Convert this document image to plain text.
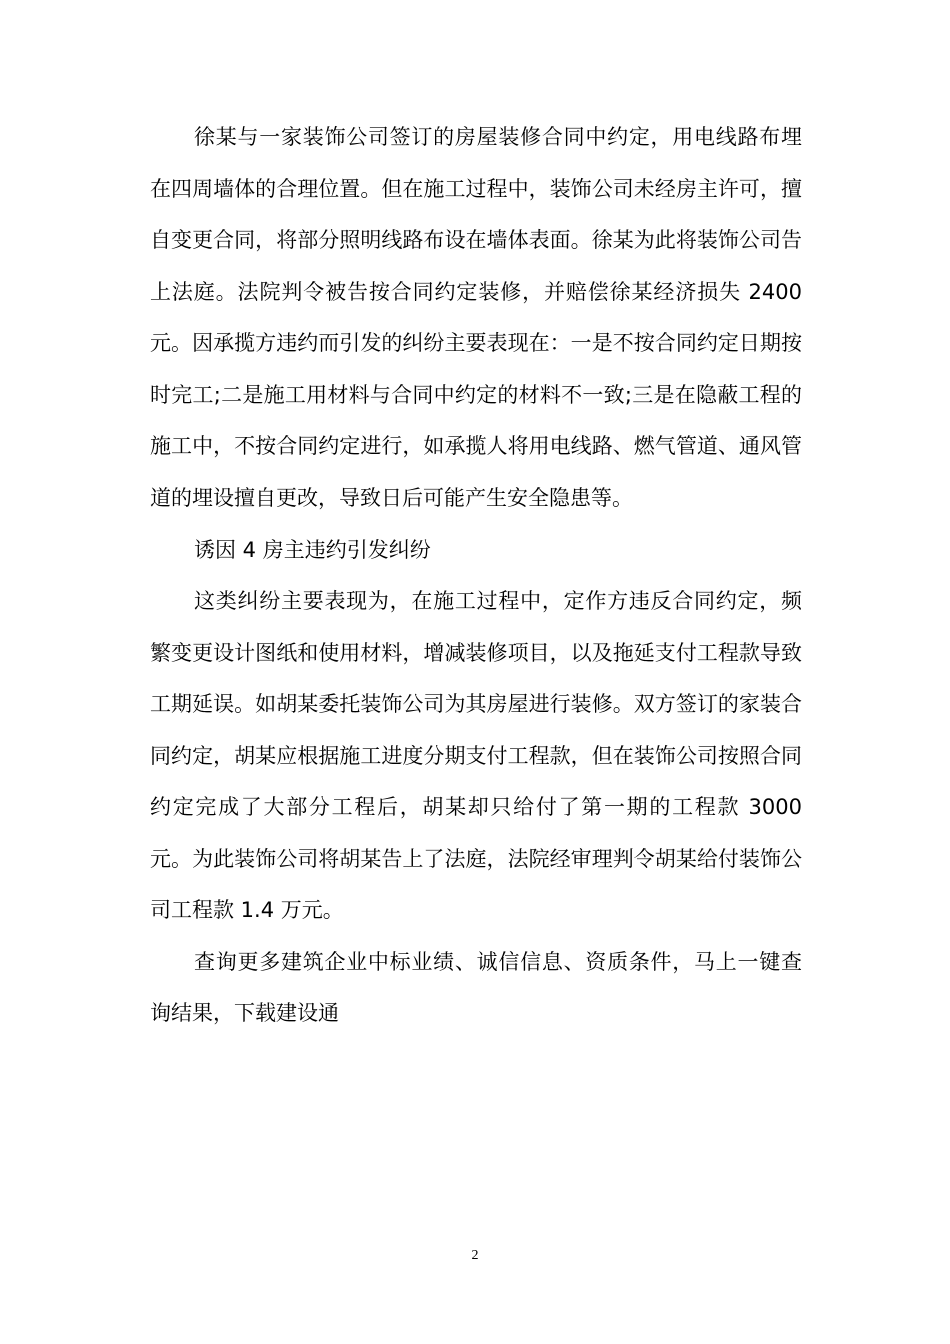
徐某与一家装饰公司签订的房屋装修合同中约定，用电线路布埋在四周墙体的合理位置。但在施工过程中，装饰公司未经房主许可，擅自变更合同，将部分照明线路布设在墙体表面。徐某为此将装饰公司告上法庭。法院判令被告按合同约定装修，并赔偿徐某经济损失 2400 元。因承揽方违约而引发的纠纷主要表现在：一是不按合同约定日期按时完工;二是施工用材料与合同中约定的材料不一致;三是在隐蔽工程的施工中，不按合同约定进行，如承揽人将用电线路、燃气管道、通风管道的埋设擅自更改，导致日后可能产生安全隐患等。

诱因 4 房主违约引发纠纷

这类纠纷主要表现为，在施工过程中，定作方违反合同约定，频繁变更设计图纸和使用材料，增减装修项目，以及拖延支付工程款导致工期延误。如胡某委托装饰公司为其房屋进行装修。双方签订的家装合同约定，胡某应根据施工进度分期支付工程款，但在装饰公司按照合同约定完成了大部分工程后，胡某却只给付了第一期的工程款 3000 元。为此装饰公司将胡某告上了法庭，法院经审理判令胡某给付装饰公司工程款 1.4 万元。

查询更多建筑企业中标业绩、诚信信息、资质条件，马上一键查询结果，下载建设通

2
